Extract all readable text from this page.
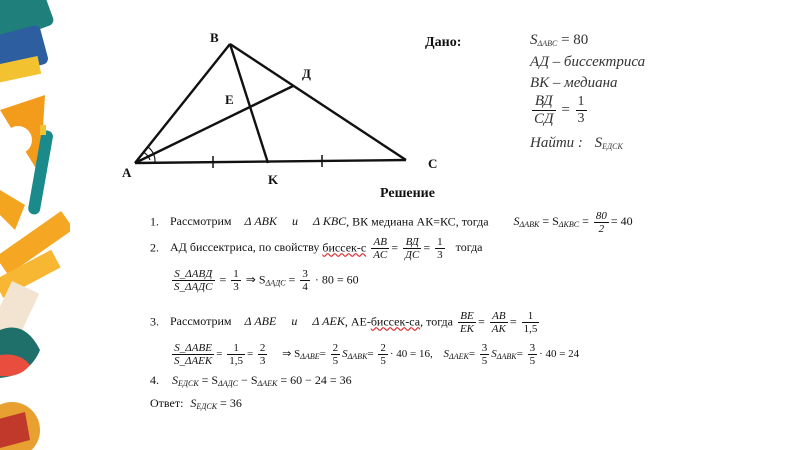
A
B
C
Д
E
K
Дано:	$S_{\Delta ABC} = 80$
АД – биссектриса
ВК – медиана
$\frac{ВД}{СД} = \frac{1}{3}$
Найти : $S_{ЕДСК}$
Решение
1. Рассмотрим Δ ABK и Δ KBC, ВК медиана АК=КС, тогда $S_{\Delta ABK} = S_{\Delta KBC} = \frac{80}{2} = 40$
2. АД биссектриса, по свойству биссек-с $\frac{AB}{AC} = \frac{ВД}{ДС} = \frac{1}{3}$ тогда
$\frac{\text{S\_ΔABД}}{\text{S\_ΔAДС}} = \frac{1}{3}$ ⇒ $S_{\Delta AДС} = \frac{3}{4} \cdot 80 = 60$
3. Рассмотрим Δ ABE и Δ AEK, АЕ-биссек-са, тогда $\frac{BE}{EK} = \frac{AB}{AK} = \frac{1}{1,5}$
$\frac{\text{S\_ΔABE}}{\text{S\_ΔAEK}} = \frac{1}{1,5} = \frac{2}{3}$ ⇒ $S_{\Delta ABE}= \frac{2}{5} S_{\Delta ABK}= \frac{2}{5} \cdot 40 = 16$, $S_{\Delta AEK}= \frac{3}{5} S_{\Delta ABK}= \frac{3}{5} \cdot 40 = 24$
4. $S_{ЕДСК} = S_{\Delta AДС} - S_{\Delta AEK} = 60 - 24 = 36$
Ответ: $S_{ЕДСК} = 36$
